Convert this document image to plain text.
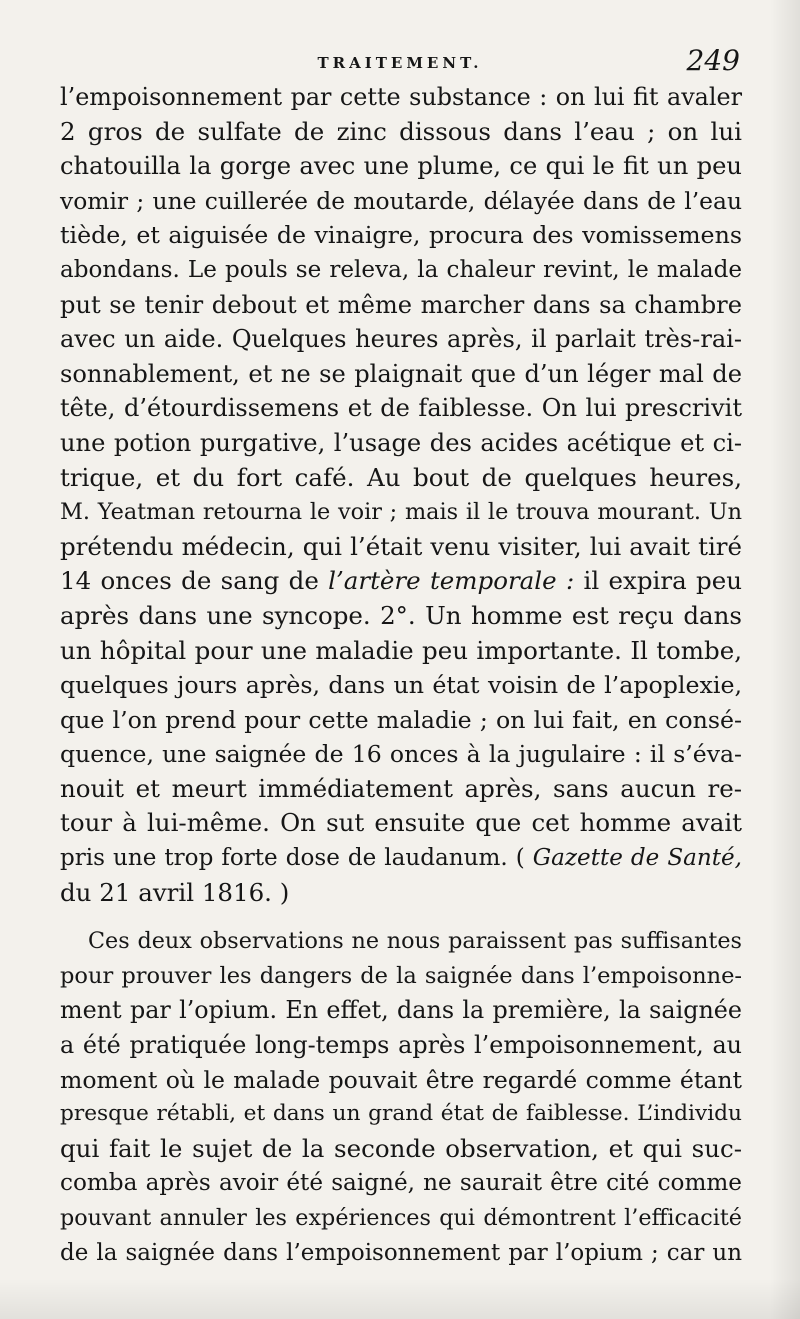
TRAITEMENT.	249
l’empoisonnement par cette substance : on lui fit avaler
2 gros de sulfate de zinc dissous dans l’eau ; on lui
chatouilla la gorge avec une plume, ce qui le fit un peu
vomir ; une cuillerée de moutarde, délayée dans de l’eau
tiède, et aiguisée de vinaigre, procura des vomissemens
abondans. Le pouls se releva, la chaleur revint, le malade
put se tenir debout et même marcher dans sa chambre
avec un aide. Quelques heures après, il parlait très-rai-
sonnablement, et ne se plaignait que d’un léger mal de
tête, d’étourdissemens et de faiblesse. On lui prescrivit
une potion purgative, l’usage des acides acétique et ci-
trique, et du fort café. Au bout de quelques heures,
M. Yeatman retourna le voir ; mais il le trouva mourant. Un
prétendu médecin, qui l’était venu visiter, lui avait tiré
14 onces de sang de l’artère temporale : il expira peu
après dans une syncope. 2°. Un homme est reçu dans
un hôpital pour une maladie peu importante. Il tombe,
quelques jours après, dans un état voisin de l’apoplexie,
que l’on prend pour cette maladie ; on lui fait, en consé-
quence, une saignée de 16 onces à la jugulaire : il s’éva-
nouit et meurt immédiatement après, sans aucun re-
tour à lui-même. On sut ensuite que cet homme avait
pris une trop forte dose de laudanum. ( Gazette de Santé,
du 21 avril 1816. )
Ces deux observations ne nous paraissent pas suffisantes
pour prouver les dangers de la saignée dans l’empoisonne-
ment par l’opium. En effet, dans la première, la saignée
a été pratiquée long-temps après l’empoisonnement, au
moment où le malade pouvait être regardé comme étant
presque rétabli, et dans un grand état de faiblesse. L’individu
qui fait le sujet de la seconde observation, et qui suc-
comba après avoir été saigné, ne saurait être cité comme
pouvant annuler les expériences qui démontrent l’efficacité
de la saignée dans l’empoisonnement par l’opium ; car un
